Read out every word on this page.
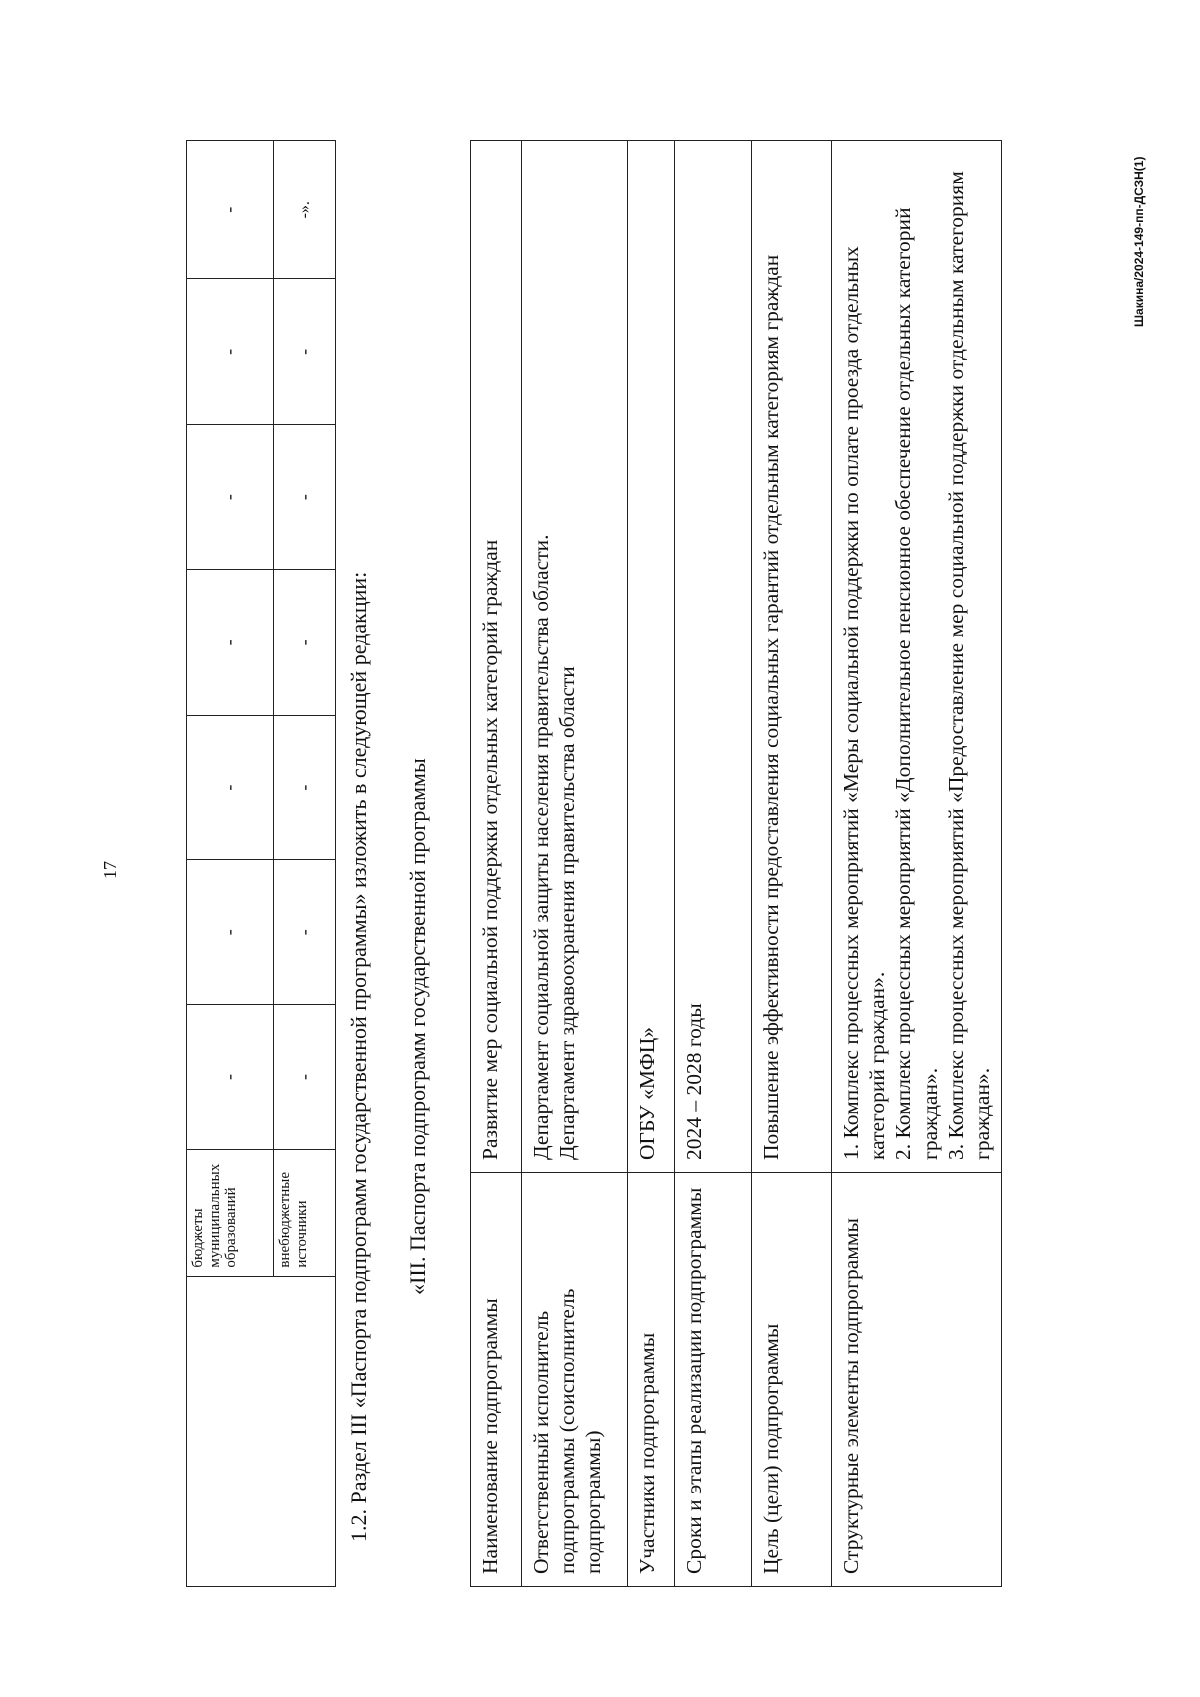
17
	бюджеты муниципальных образований	-	-	-	-	-	-	-
	внебюджетные источники	-	-	-	-	-	-	-».
1.2. Раздел III «Паспорта подпрограмм государственной программы» изложить в следующей редакции: «III. Паспорта подпрограмм государственной программы
Наименование подпрограммы	Развитие мер социальной поддержки отдельных категорий граждан
Ответственный исполнитель подпрограммы (соисполнитель подпрограммы)	Департамент социальной защиты населения правительства области. Департамент здравоохранения правительства области

Участники подпрограммы	ОГБУ «МФЦ»
Сроки и этапы реализации подпрограммы	2024 – 2028 годы
Цель (цели) подпрограммы	Повышение эффективности предоставления социальных гарантий отдельным категориям граждан
Структурные элементы подпрограммы	1. Комплекс процессных мероприятий «Меры социальной поддержки по оплате проезда отдельных категорий граждан». 2. Комплекс процессных мероприятий «Дополнительное пенсионное обеспечение отдельных категорий граждан». 3. Комплекс процессных мероприятий «Предоставление мер социальной поддержки отдельным категориям граждан».
Шакина/2024-149-пп-ДСЗН(1)
